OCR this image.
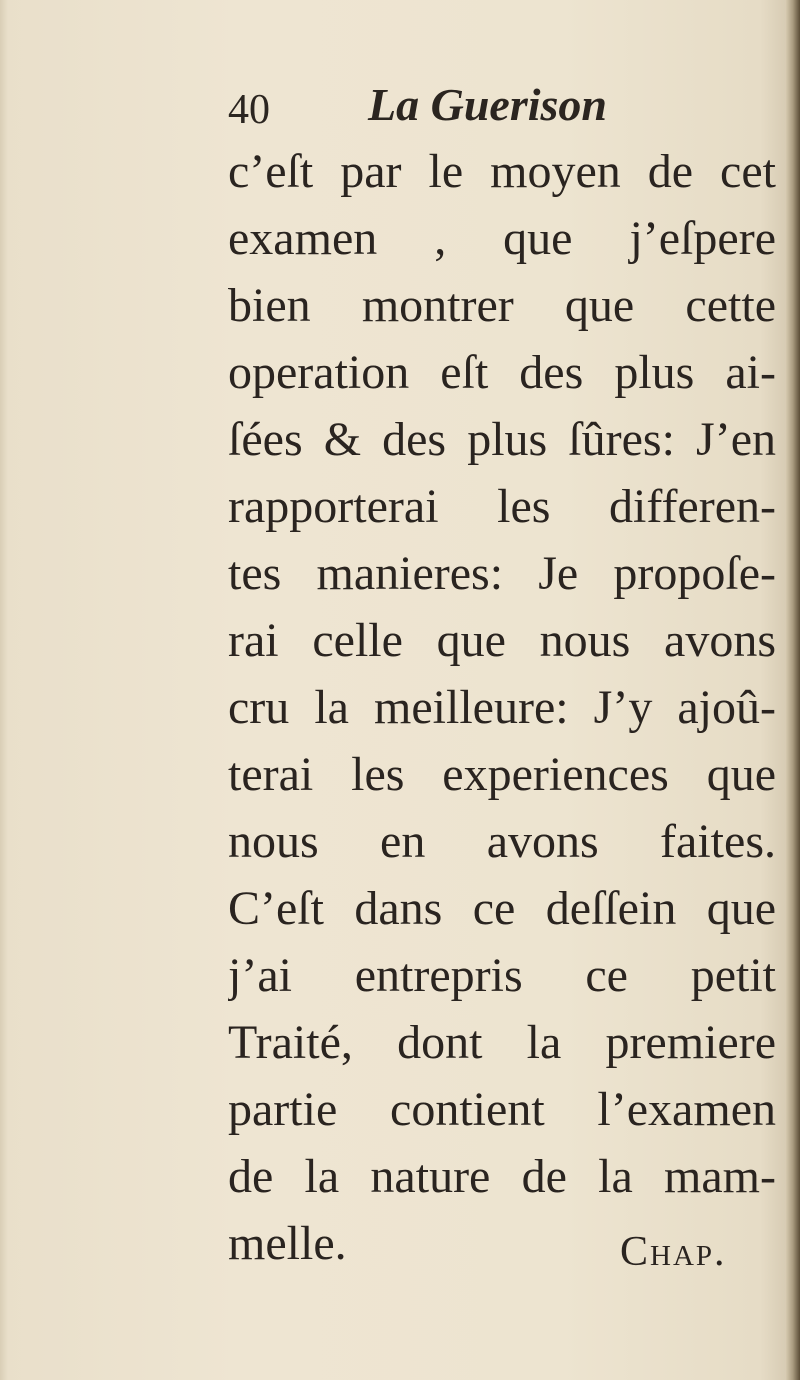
40 La Guerison
c’eſt par le moyen de cet
examen , que j’eſpere
bien montrer que cette
operation eſt des plus ai-
ſées & des plus ſûres: J’en
rapporterai les differen-
tes manieres: Je propoſe-
rai celle que nous avons
cru la meilleure: J’y ajoû-
terai les experiences que
nous en avons faites.
C’eſt dans ce deſſein que
j’ai entrepris ce petit
Traité, dont la premiere
partie contient l’examen
de la nature de la mam-
melle.	Chap.
